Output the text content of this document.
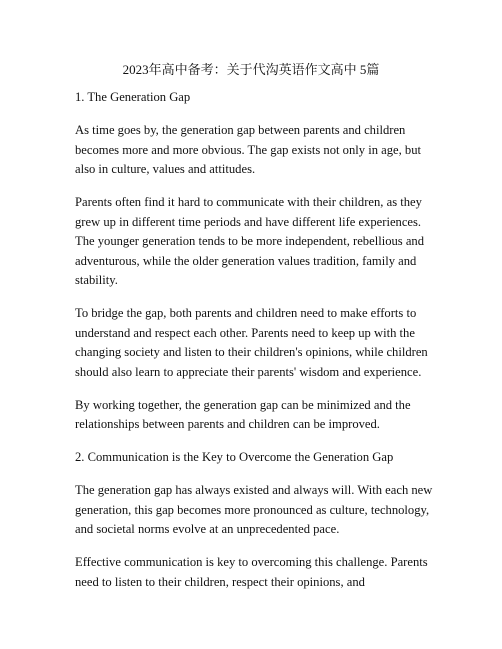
2023年高中备考：关于代沟英语作文高中 5篇
1. The Generation Gap

As time goes by, the generation gap between parents and children becomes more and more obvious. The gap exists not only in age, but also in culture, values and attitudes.

Parents often find it hard to communicate with their children, as they grew up in different time periods and have different life experiences. The younger generation tends to be more independent, rebellious and adventurous, while the older generation values tradition, family and stability.

To bridge the gap, both parents and children need to make efforts to understand and respect each other. Parents need to keep up with the changing society and listen to their children's opinions, while children should also learn to appreciate their parents' wisdom and experience.

By working together, the generation gap can be minimized and the relationships between parents and children can be improved.

2. Communication is the Key to Overcome the Generation Gap

The generation gap has always existed and always will. With each new generation, this gap becomes more pronounced as culture, technology, and societal norms evolve at an unprecedented pace.

Effective communication is key to overcoming this challenge. Parents need to listen to their children, respect their opinions, and
